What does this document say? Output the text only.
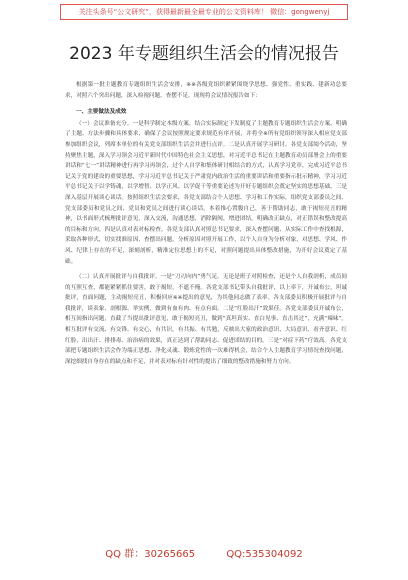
关注头条号“公文研究”，获得最新最全最专业的公文资料库！ 微信：gongwenyj
2023 年专题组织生活会的情况报告

根据第一批主题教育专题组织生活会安排，※※各级党组织紧紧围绕学思想、强党性、重实践、建新功总要求，对照六个突出问题，深入检视问题，查摆不足。现现将会议情况报告如下：

一、主要做法及成效

（一）会议准备充分。一是科学制定本级方案。结合实际制定下发制度了主题教育专题组织生活会方案，明确了主题、方法步骤和具体要求，确保了会议按照规定要求规范有序开展，并将全※所有党组织领导深入相应党支部参加组织会议，列席本单位的有关党支部组织生活会并进行点评。二是认真开展学习研讨。各党支部阅今活动，坚持聚焦主题，深入学习领会习近平新时代中国特色社会主义思想，对习近平总书记在主题教育动员部署会上的重要讲话和“七一”讲话精神进行再学习再领会，过个人自学和集体研讨相结合的方式，认真学习党章，完成习近平总书记关于党的建设的重要思想，学习习近平总书记关于严肃党内政治生活的重要讲话和重要指示批示精神，学习习近平总书记关于以学铸魂、以学增智、以学正风、以学促干等重要论述为开好专题组织会奠定坚实的思想基础。三是深入基层开展谈心谈话。按照组织生活会要求，各党支部结合个人思想、学习和工作实际，组织党支部委员之间、党支部委员和党员之间、党员和党员之间进行谈心谈话。本着推心置腹自己，善于帮助同志，敢于揭短亮丑的精神，以书面形式梳理批评意见，深入交流，沟通思想，消除隔阂，增进团结，明确改正缺点，对正错误和整改提高的目标和方向。四是认真对表对标检查。各党支部认真对照总书记要求，深入查摆问题、从实际工作中查找根源，采取各种形式，切实找准原因，查摆出问题，分析原因对照开展工作，以个人自身为分析对象，对思想、学风、作风、纪律上存在的不足，深刻剖析，精准定位思想上的不足，对照问题提出具体整改措施，为开好会议奠定了基础。

（二）认真开展批评与自我批评。一是“刀刃向内”勇气足。无论是班子对照检查，还是个人自我剖析，成员间的互照互查，都能紧紧抓住要害，敢于揭短，不遮不掩。各党支部书记带头自我批评，以上率下，开诚布公，坦诚批评，直面问题，主动揭短亮丑，积极回应※※提出的意见，为其他同志做了表率。各支部委员积极开展批评与自我批评，谈表象、剖根源、举实例，做到有血有肉、有点有面。二是“红脸出汗”效果佳。各党支部委员开诚布公，相互间指出问题，直截了当提出批评意见，敢于揭短亮丑，做到“真坦真实、直白见事、直击其过”，充满“辣味”。相互批评有交流、有交锋、有交心，有共识，有共振、有共勉，反映出大家的政治意识、大局意识、看齐意识、红红脸、出出汗、排排毒、治治病的效果，真正达到了帮助同志、促进团结的目的。三是“对症下药”疗效高。各党支部把专题组织生活会作为端正思想、净化灵魂、锻炼党性的一次难得机会，结合个人主题教育学习情况查找问题，深挖细找自身存在的缺点和不足，并对表对标有针对性的提出了细致的整改措施和努力方向。

QQ 群：30265665	QQ:535304092
